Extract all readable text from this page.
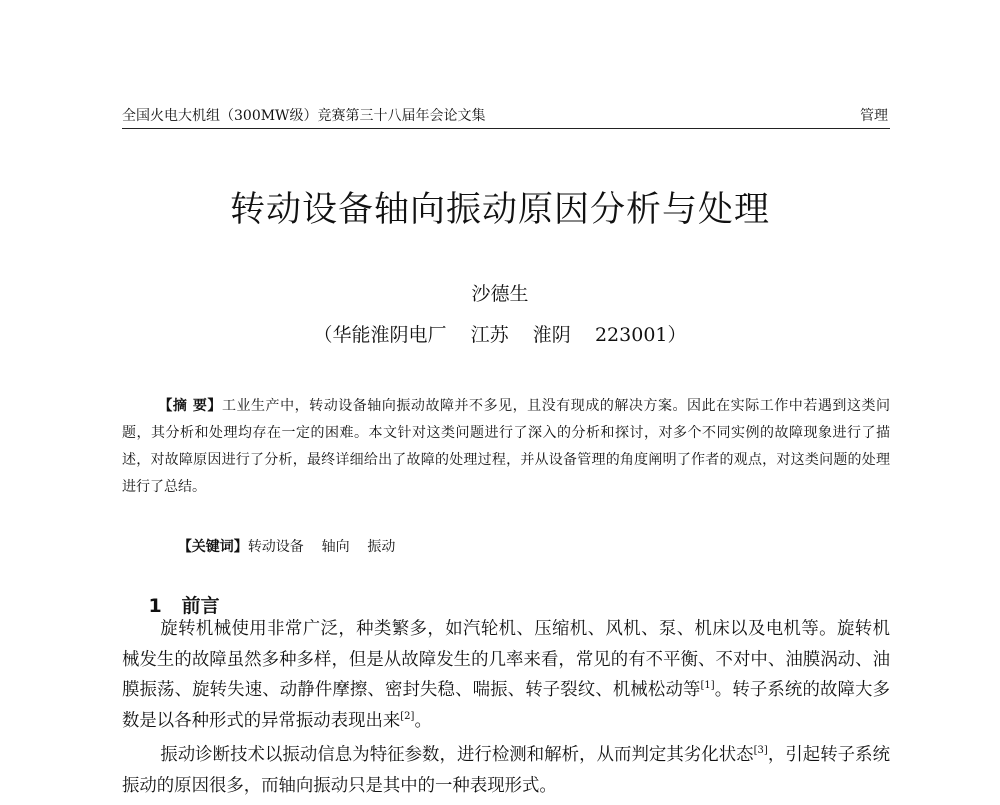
全国火电大机组（300MW级）竞赛第三十八届年会论文集	管理
转动设备轴向振动原因分析与处理
沙德生
（华能淮阴电厂    江苏    淮阴    223001）
【摘 要】工业生产中，转动设备轴向振动故障并不多见，且没有现成的解决方案。因此在实际工作中若遇到这类问题，其分析和处理均存在一定的困难。本文针对这类问题进行了深入的分析和探讨，对多个不同实例的故障现象进行了描述，对故障原因进行了分析，最终详细给出了故障的处理过程，并从设备管理的角度阐明了作者的观点，对这类问题的处理进行了总结。

【关键词】转动设备    轴向    振动

1 前言

旋转机械使用非常广泛，种类繁多，如汽轮机、压缩机、风机、泵、机床以及电机等。旋转机械发生的故障虽然多种多样，但是从故障发生的几率来看，常见的有不平衡、不对中、油膜涡动、油膜振荡、旋转失速、动静件摩擦、密封失稳、喘振、转子裂纹、机械松动等[1]。转子系统的故障大多数是以各种形式的异常振动表现出来[2]。

振动诊断技术以振动信息为特征参数，进行检测和解析，从而判定其劣化状态[3]，引起转子系统振动的原因很多，而轴向振动只是其中的一种表现形式。
